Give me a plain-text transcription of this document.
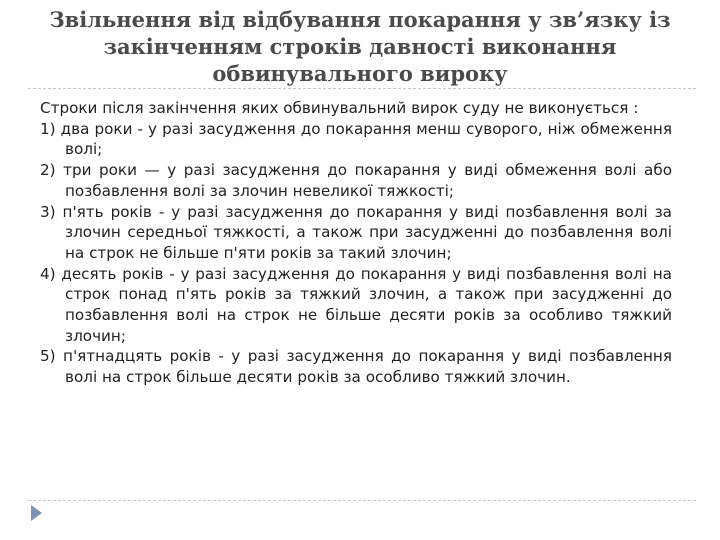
Звільнення від відбування покарання у зв’язку із закінченням строків давності виконання обвинувального вироку

Строки після закінчення яких обвинувальний вирок суду не виконується :

1) два роки - у разі засудження до покарання менш суворого, ніж обмеження волі;

2) три роки — у разі засудження до покарання у виді обмеження волі або позбавлення волі за злочин невеликої тяжкості;

3) п'ять років - у разі засудження до покарання у виді позбавлення волі за злочин середньої тяжкості, а також при засудженні до позбавлення волі на строк не більше п'яти років за такий злочин;

4) десять років - у разі засудження до покарання у виді позбавлення волі на строк понад п'ять років за тяжкий злочин, а також при засудженні до позбавлення волі на строк не більше десяти років за особливо тяжкий злочин;

5) п'ятнадцять років - у разі засудження до покарання у виді позбавлення волі на строк більше десяти років за особливо тяжкий злочин.
